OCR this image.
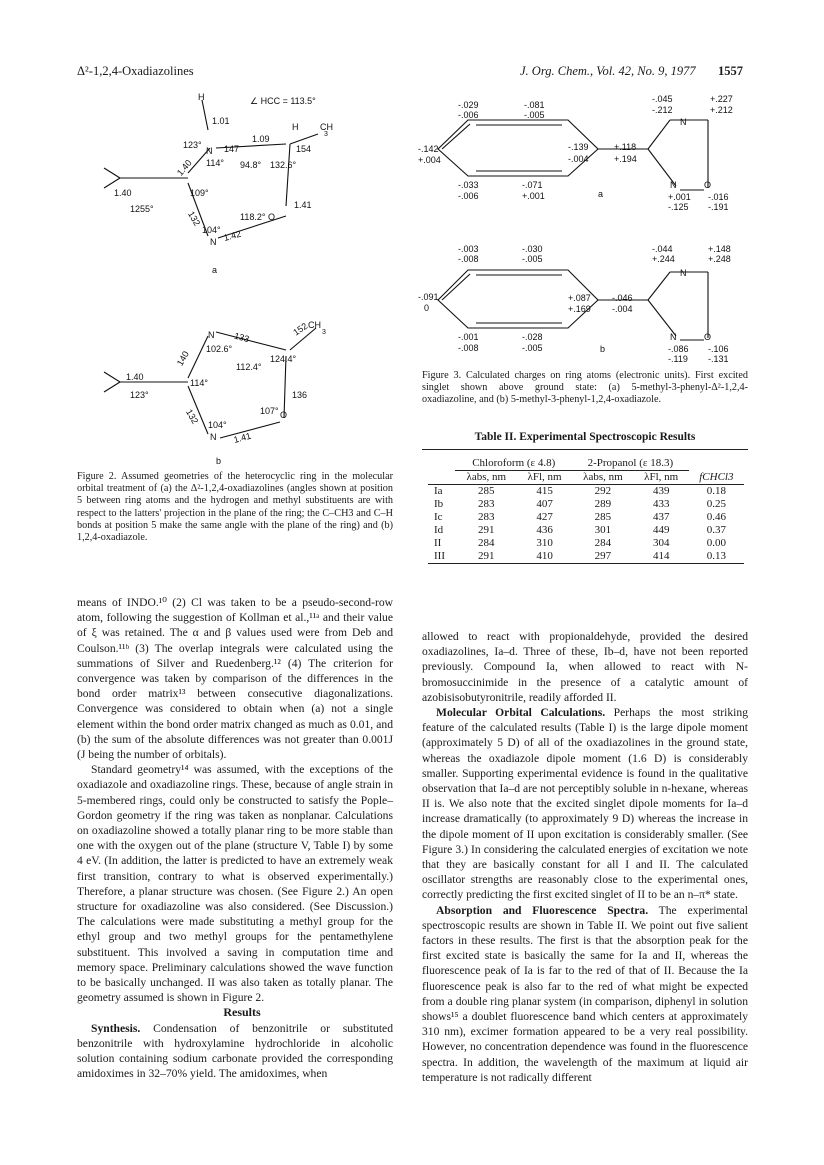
Δ²-1,2,4-Oxadiazolines	J. Org. Chem., Vol. 42, No. 9, 1977 1557
H	∠ HCC = 113.5°
1.01
123°
N 147
1.09
H CH
3
154
114° 94.8° 132.6°
1.40
1.40	109°
1255°	1.41
118.2° O
132
104°
N 1.42
a
N 133	152
CH
3
140
102.6°
112.4°
124.4°
1.40
123°
114°
136
107° O
132 104°
N 1.41
b
Figure 2. Assumed geometries of the heterocyclic ring in the molecular orbital treatment of (a) the Δ²-1,2,4-oxadiazolines (angles shown at position 5 between ring atoms and the hydrogen and methyl substituents are with respect to the latters' projection in the plane of the ring; the C–CH3 and C–H bonds at position 5 make the same angle with the plane of the ring) and (b) 1,2,4-oxadiazole.
-.029
-.006
-.081
-.005
-.045
-.212
+.227
+.212
N
-.142
+.004
-.139
-.004
+.118
+.194
-.033
-.006
-.071
+.001	a
N	O
+.001
-.125
-.016
-.191
-.003
-.008
-.030
-.005
-.044
+.244
+.148
+.248
N
-.091
0
+.087
+.169
-.046
-.004
-.001
-.008
-.028
-.005	b
N	O
-.086
-.119
-.106
-.131
Figure 3. Calculated charges on ring atoms (electronic units). First excited singlet shown above ground state: (a) 5-methyl-3-phenyl-Δ²-1,2,4-oxadiazoline, and (b) 5-methyl-3-phenyl-1,2,4-oxadiazole.
Table II. Experimental Spectroscopic Results
	Chloroform (ε 4.8)		2-Propanol (ε 18.3)		
	λabs, nm	λFl, nm	λabs, nm	λFl, nm	fCHCl3
Ia	285	415	292	439	0.18
Ib	283	407	289	433	0.25
Ic	283	427	285	437	0.46
Id	291	436	301	449	0.37
II	284	310	284	304	0.00
III	291	410	297	414	0.13

means of INDO.¹⁰ (2) Cl was taken to be a pseudo-second-row atom, following the suggestion of Kollman et al.,¹¹ᵃ and their value of ξ was retained. The α and β values used were from Deb and Coulson.¹¹ᵇ (3) The overlap integrals were calculated using the summations of Silver and Ruedenberg.¹² (4) The criterion for convergence was taken by comparison of the differences in the bond order matrix¹³ between consecutive diagonalizations. Convergence was considered to obtain when (a) not a single element within the bond order matrix changed as much as 0.01, and (b) the sum of the absolute differences was not greater than 0.001J (J being the number of orbitals).

Standard geometry¹⁴ was assumed, with the exceptions of the oxadiazole and oxadiazoline rings. These, because of angle strain in 5-membered rings, could only be constructed to satisfy the Pople–Gordon geometry if the ring was taken as nonplanar. Calculations on oxadiazoline showed a totally planar ring to be more stable than one with the oxygen out of the plane (structure V, Table I) by some 4 eV. (In addition, the latter is predicted to have an extremely weak first transition, contrary to what is observed experimentally.) Therefore, a planar structure was chosen. (See Figure 2.) An open structure for oxadiazoline was also considered. (See Discussion.) The calculations were made substituting a methyl group for the ethyl group and two methyl groups for the pentamethylene substituent. This involved a saving in computation time and memory space. Preliminary calculations showed the wave function to be basically unchanged. II was also taken as totally planar. The geometry assumed is shown in Figure 2.

Results

Synthesis. Condensation of benzonitrile or substituted benzonitrile with hydroxylamine hydrochloride in alcoholic solution containing sodium carbonate provided the corresponding amidoximes in 32–70% yield. The amidoximes, when

allowed to react with propionaldehyde, provided the desired oxadiazolines, Ia–d. Three of these, Ib–d, have not been reported previously. Compound Ia, when allowed to react with N-bromosuccinimide in the presence of a catalytic amount of azobisisobutyronitrile, readily afforded II.

Molecular Orbital Calculations. Perhaps the most striking feature of the calculated results (Table I) is the large dipole moment (approximately 5 D) of all of the oxadiazolines in the ground state, whereas the oxadiazole dipole moment (1.6 D) is considerably smaller. Supporting experimental evidence is found in the qualitative observation that Ia–d are not perceptibly soluble in n-hexane, whereas II is. We also note that the excited singlet dipole moments for Ia–d increase dramatically (to approximately 9 D) whereas the increase in the dipole moment of II upon excitation is considerably smaller. (See Figure 3.) In considering the calculated energies of excitation we note that they are basically constant for all I and II. The calculated oscillator strengths are reasonably close to the experimental ones, correctly predicting the first excited singlet of II to be an n–π* state.

Absorption and Fluorescence Spectra. The experimental spectroscopic results are shown in Table II. We point out five salient factors in these results. The first is that the absorption peak for the first excited state is basically the same for Ia and II, whereas the fluorescence peak of Ia is far to the red of that of II. Because the Ia fluorescence peak is also far to the red of what might be expected from a double ring planar system (in comparison, diphenyl in solution shows¹⁵ a doublet fluorescence band which centers at approximately 310 nm), excimer formation appeared to be a very real possibility. However, no concentration dependence was found in the fluorescence spectra. In addition, the wavelength of the maximum at liquid air temperature is not radically different
